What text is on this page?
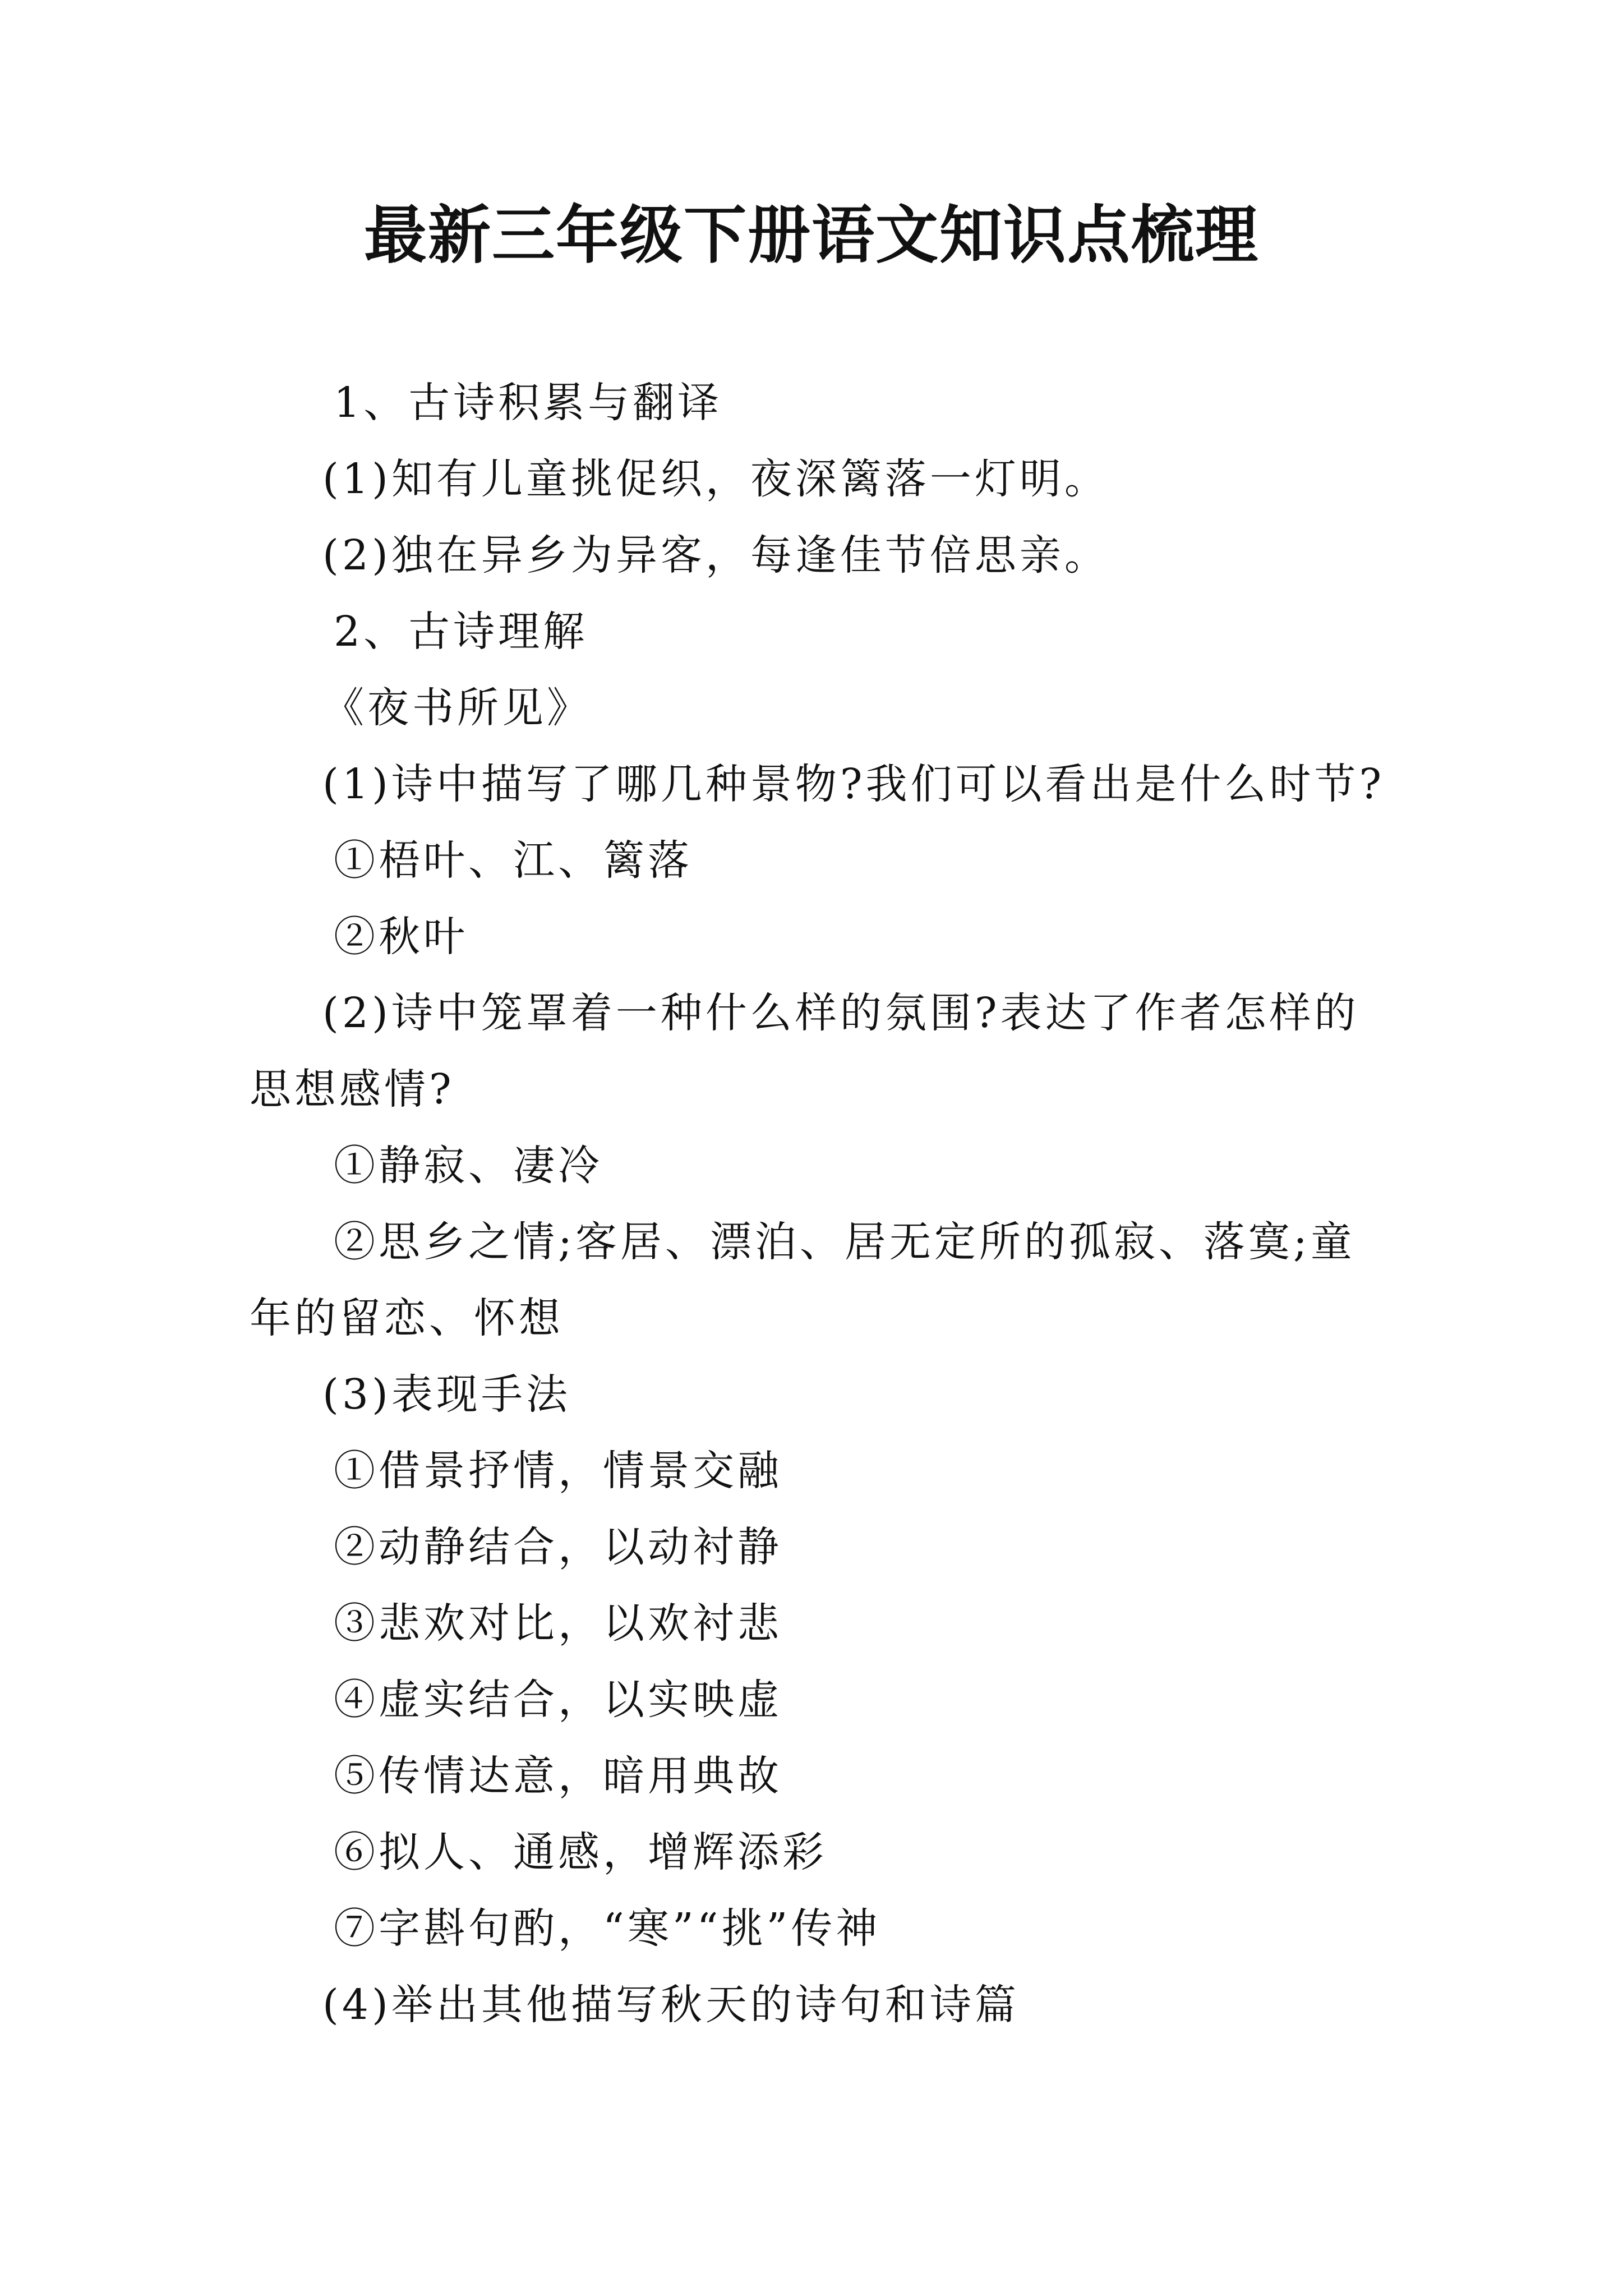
最新三年级下册语文知识点梳理

1、古诗积累与翻译

(1)知有儿童挑促织，夜深篱落一灯明。

(2)独在异乡为异客，每逢佳节倍思亲。

2、古诗理解

《夜书所见》

(1)诗中描写了哪几种景物?我们可以看出是什么时节?

①梧叶、江、篱落

②秋叶

(2)诗中笼罩着一种什么样的氛围?表达了作者怎样的思想感情?

①静寂、凄冷

②思乡之情;客居、漂泊、居无定所的孤寂、落寞;童年的留恋、怀想

(3)表现手法

①借景抒情，情景交融

②动静结合，以动衬静

③悲欢对比，以欢衬悲

④虚实结合，以实映虚

⑤传情达意，暗用典故

⑥拟人、通感，增辉添彩

⑦字斟句酌，“寒”“挑”传神

(4)举出其他描写秋天的诗句和诗篇
